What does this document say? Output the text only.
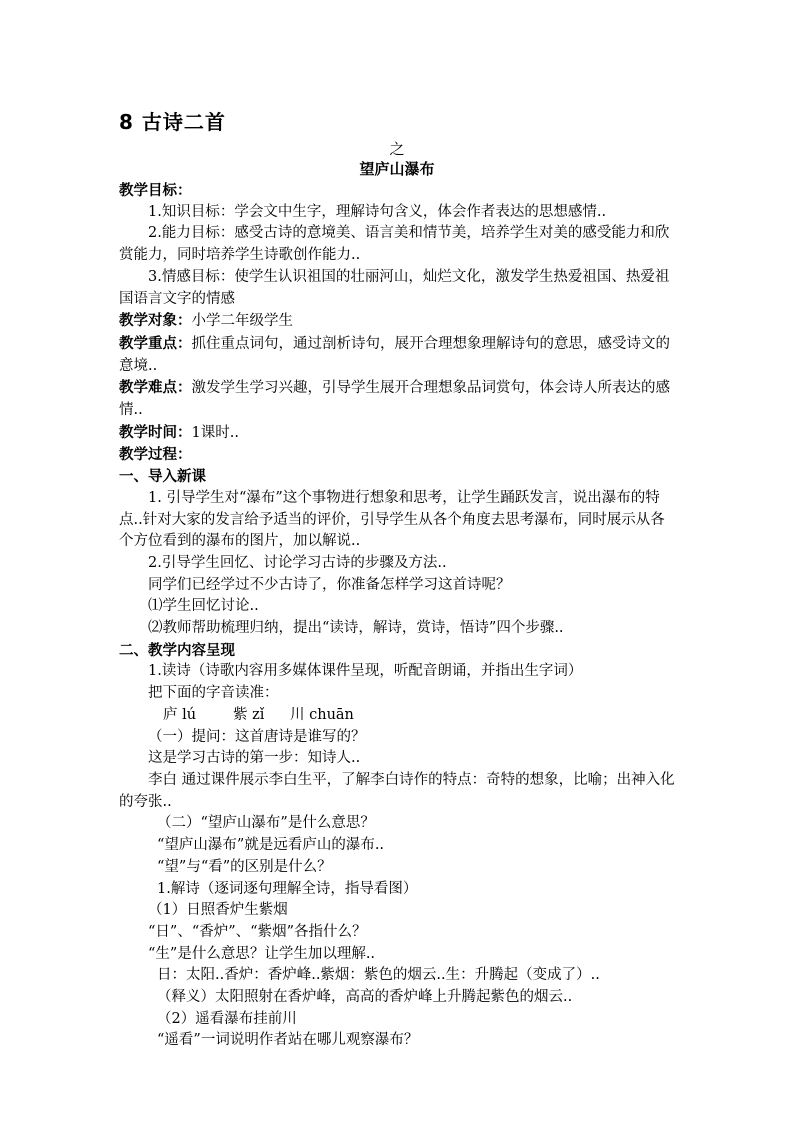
8 古诗二首
之
望庐山瀑布

教学目标：

1.知识目标：学会文中生字，理解诗句含义，体会作者表达的思想感情..

2.能力目标：感受古诗的意境美、语言美和情节美，培养学生对美的感受能力和欣赏能力，同时培养学生诗歌创作能力..

3.情感目标：使学生认识祖国的壮丽河山，灿烂文化，激发学生热爱祖国、热爱祖国语言文字的情感

教学对象：小学二年级学生

教学重点：抓住重点词句，通过剖析诗句，展开合理想象理解诗句的意思，感受诗文的意境..

教学难点：激发学生学习兴趣，引导学生展开合理想象品词赏句，体会诗人所表达的感情..

教学时间：1课时..

教学过程：

一、导入新课

1. 引导学生对“瀑布”这个事物进行想象和思考，让学生踊跃发言，说出瀑布的特点..针对大家的发言给予适当的评价，引导学生从各个角度去思考瀑布，同时展示从各个方位看到的瀑布的图片，加以解说..

2.引导学生回忆、讨论学习古诗的步骤及方法..

同学们已经学过不少古诗了，你准备怎样学习这首诗呢？

⑴学生回忆讨论..

⑵教师帮助梳理归纳，提出“读诗，解诗，赏诗，悟诗”四个步骤..

二、教学内容呈现

1.读诗（诗歌内容用多媒体课件呈现，听配音朗诵，并指出生字词）

把下面的字音读准：

庐 lú	紫 zǐ 川 chuān

（一）提问：这首唐诗是谁写的？

这是学习古诗的第一步：知诗人..

李白 通过课件展示李白生平，了解李白诗作的特点：奇特的想象，比喻；出神入化的夸张..

（二）“望庐山瀑布”是什么意思？

“望庐山瀑布”就是远看庐山的瀑布..

“望”与“看”的区别是什么？

1.解诗（逐词逐句理解全诗，指导看图）

（1）日照香炉生紫烟

“日”、“香炉”、“紫烟”各指什么？

“生”是什么意思？让学生加以理解..

日：太阳..香炉：香炉峰..紫烟：紫色的烟云..生：升腾起（变成了）..

（释义）太阳照射在香炉峰，高高的香炉峰上升腾起紫色的烟云..

（2）遥看瀑布挂前川

“遥看”一词说明作者站在哪儿观察瀑布？
